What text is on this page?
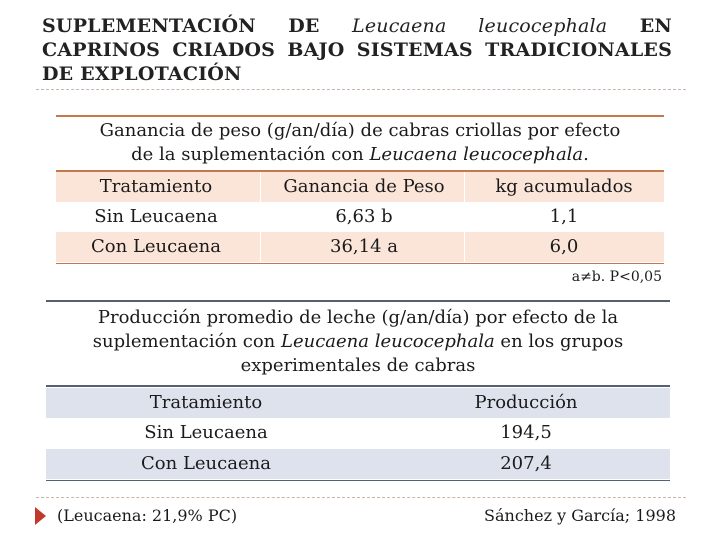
SUPLEMENTACIÓN DE Leucaena leucocephala EN CAPRINOS CRIADOS BAJO SISTEMAS TRADICIONALES DE EXPLOTACIÓN
Ganancia de peso (g/an/día) de cabras criollas por efecto
de la suplementación con Leucaena leucocephala.
Tratamiento	Ganancia de Peso	kg acumulados
Sin Leucaena	6,63 b	1,1
Con Leucaena	36,14 a	6,0
a≠b. P<0,05
Producción promedio de leche (g/an/día) por efecto de la
suplementación con Leucaena leucocephala en los grupos
experimentales de cabras
Tratamiento	Producción
Sin Leucaena	194,5
Con Leucaena	207,4
(Leucaena: 21,9% PC)	Sánchez y García; 1998
